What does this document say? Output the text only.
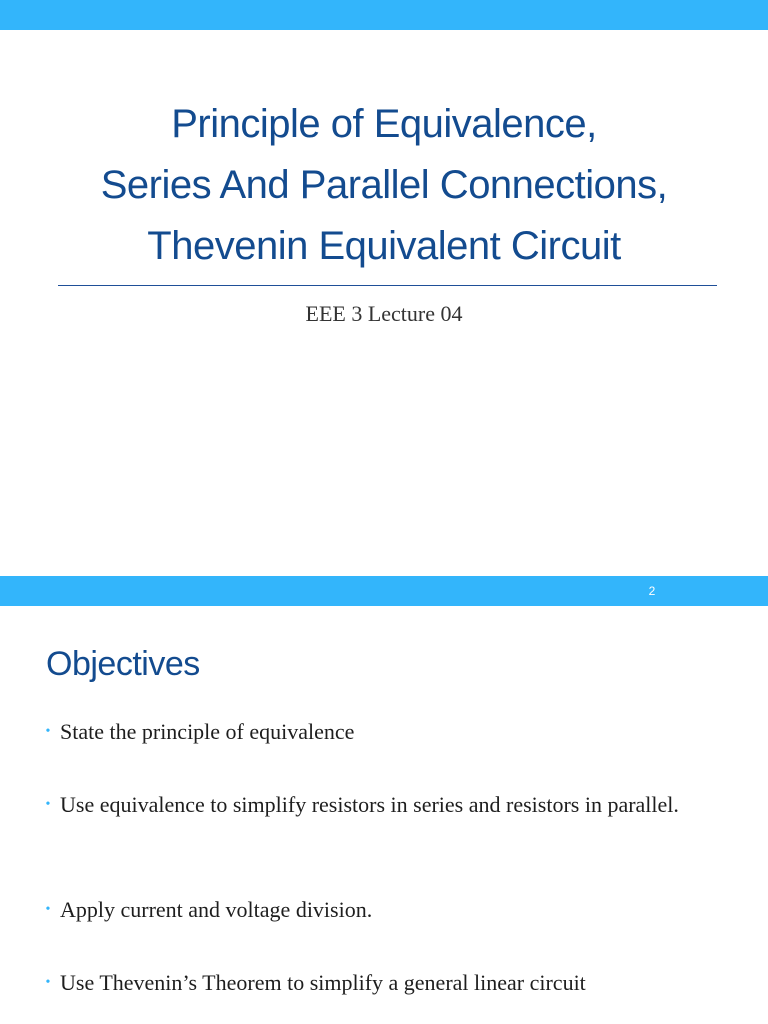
Principle of Equivalence,
Series And Parallel Connections,
Thevenin Equivalent Circuit
EEE 3 Lecture 04
2
Objectives
• State the principle of equivalence
• Use equivalence to simplify resistors in series and resistors in parallel.
• Apply current and voltage division.
• Use Thevenin’s Theorem to simplify a general linear circuit
